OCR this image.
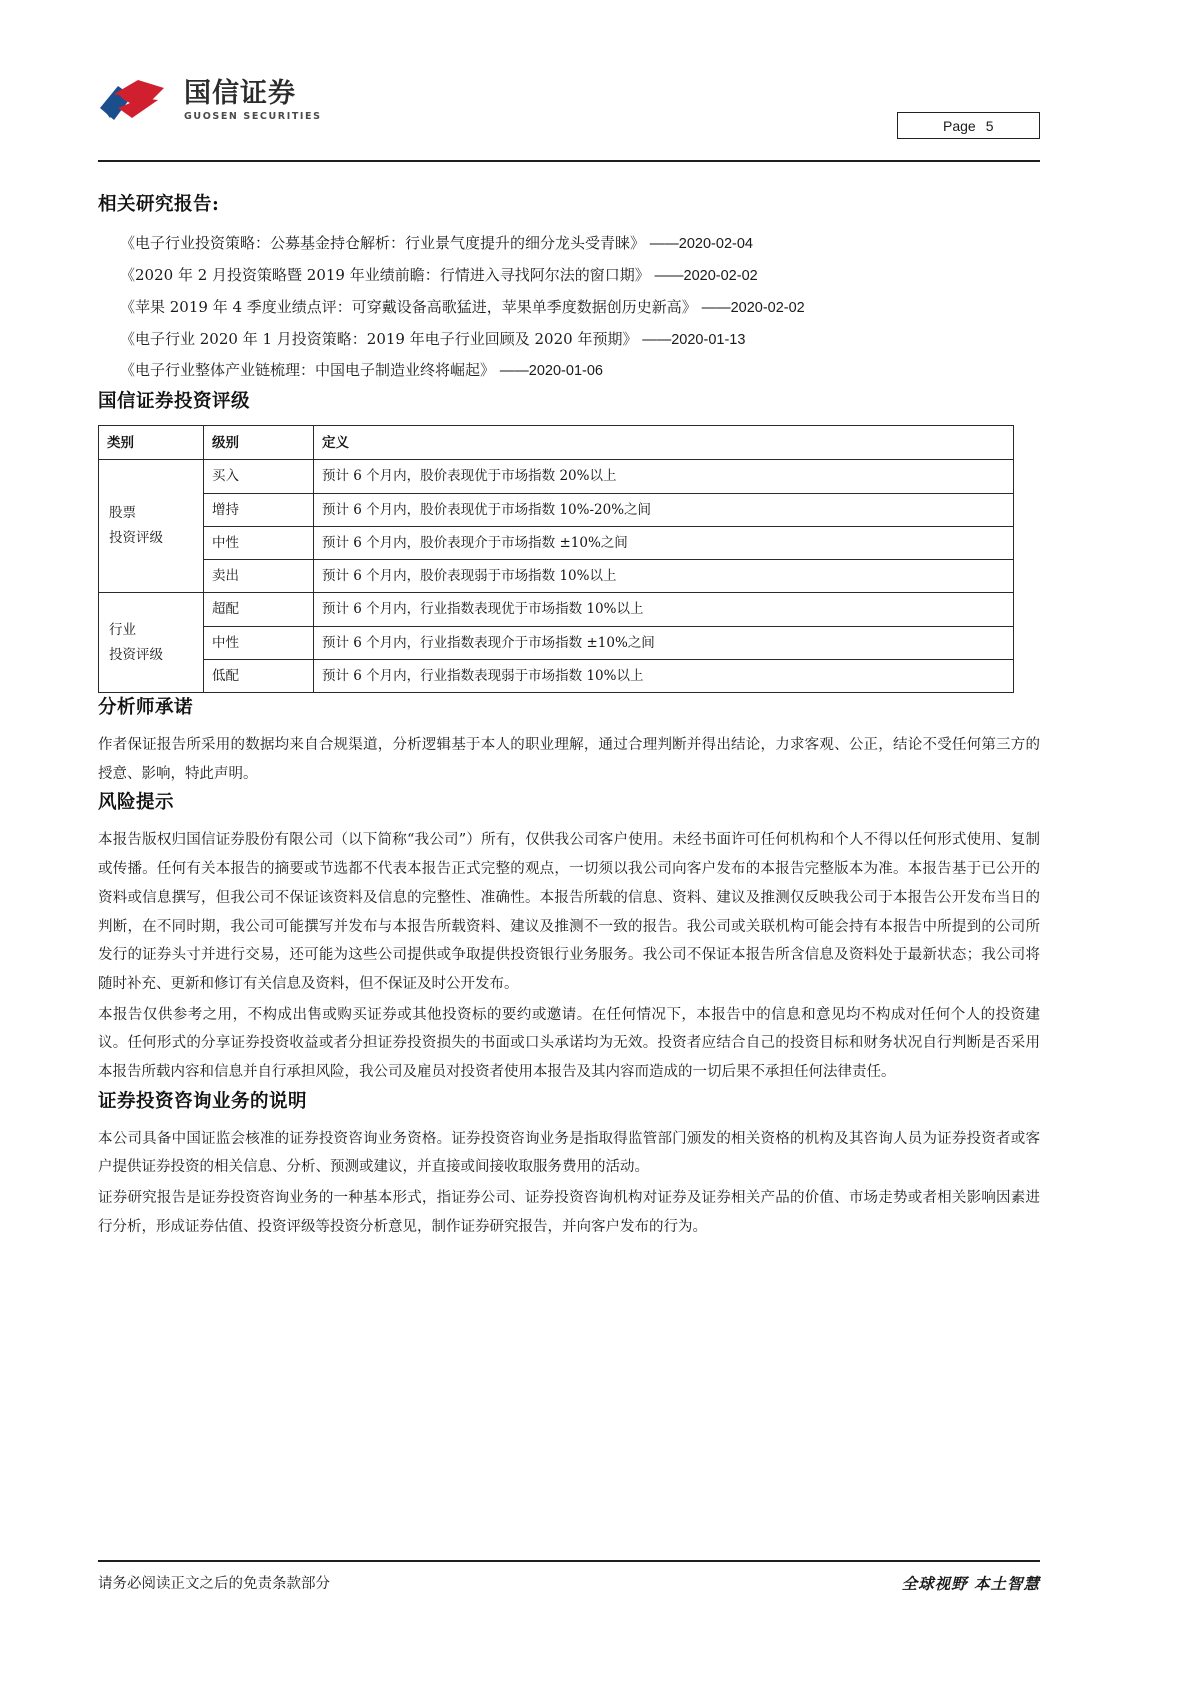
国信证券
GUOSEN SECURITIES
Page 5
相关研究报告:
《电子行业投资策略：公募基金持仓解析：行业景气度提升的细分龙头受青睐》 ——2020-02-04
《2020 年 2 月投资策略暨 2019 年业绩前瞻：行情进入寻找阿尔法的窗口期》 ——2020-02-02
《苹果 2019 年 4 季度业绩点评：可穿戴设备高歌猛进，苹果单季度数据创历史新高》 ——2020-02-02
《电子行业 2020 年 1 月投资策略：2019 年电子行业回顾及 2020 年预期》 ——2020-01-13
《电子行业整体产业链梳理：中国电子制造业终将崛起》 ——2020-01-06
国信证券投资评级
类别	级别	定义

股票
投资评级	买入	预计 6 个月内，股价表现优于市场指数 20%以上
	增持	预计 6 个月内，股价表现优于市场指数 10%-20%之间
	中性	预计 6 个月内，股价表现介于市场指数 ±10%之间
	卖出	预计 6 个月内，股价表现弱于市场指数 10%以上

行业
投资评级	超配	预计 6 个月内，行业指数表现优于市场指数 10%以上
	中性	预计 6 个月内，行业指数表现介于市场指数 ±10%之间
	低配	预计 6 个月内，行业指数表现弱于市场指数 10%以上
分析师承诺

作者保证报告所采用的数据均来自合规渠道，分析逻辑基于本人的职业理解，通过合理判断并得出结论，力求客观、公正，结论不受任何第三方的授意、影响，特此声明。

风险提示

本报告版权归国信证券股份有限公司（以下简称“我公司”）所有，仅供我公司客户使用。未经书面许可任何机构和个人不得以任何形式使用、复制或传播。任何有关本报告的摘要或节选都不代表本报告正式完整的观点，一切须以我公司向客户发布的本报告完整版本为准。本报告基于已公开的资料或信息撰写，但我公司不保证该资料及信息的完整性、准确性。本报告所载的信息、资料、建议及推测仅反映我公司于本报告公开发布当日的判断，在不同时期，我公司可能撰写并发布与本报告所载资料、建议及推测不一致的报告。我公司或关联机构可能会持有本报告中所提到的公司所发行的证券头寸并进行交易，还可能为这些公司提供或争取提供投资银行业务服务。我公司不保证本报告所含信息及资料处于最新状态；我公司将随时补充、更新和修订有关信息及资料，但不保证及时公开发布。

本报告仅供参考之用，不构成出售或购买证券或其他投资标的要约或邀请。在任何情况下，本报告中的信息和意见均不构成对任何个人的投资建议。任何形式的分享证券投资收益或者分担证券投资损失的书面或口头承诺均为无效。投资者应结合自己的投资目标和财务状况自行判断是否采用本报告所载内容和信息并自行承担风险，我公司及雇员对投资者使用本报告及其内容而造成的一切后果不承担任何法律责任。

证券投资咨询业务的说明

本公司具备中国证监会核准的证券投资咨询业务资格。证券投资咨询业务是指取得监管部门颁发的相关资格的机构及其咨询人员为证券投资者或客户提供证券投资的相关信息、分析、预测或建议，并直接或间接收取服务费用的活动。

证券研究报告是证券投资咨询业务的一种基本形式，指证券公司、证券投资咨询机构对证券及证券相关产品的价值、市场走势或者相关影响因素进行分析，形成证券估值、投资评级等投资分析意见，制作证券研究报告，并向客户发布的行为。

请务必阅读正文之后的免责条款部分	全球视野 本土智慧
